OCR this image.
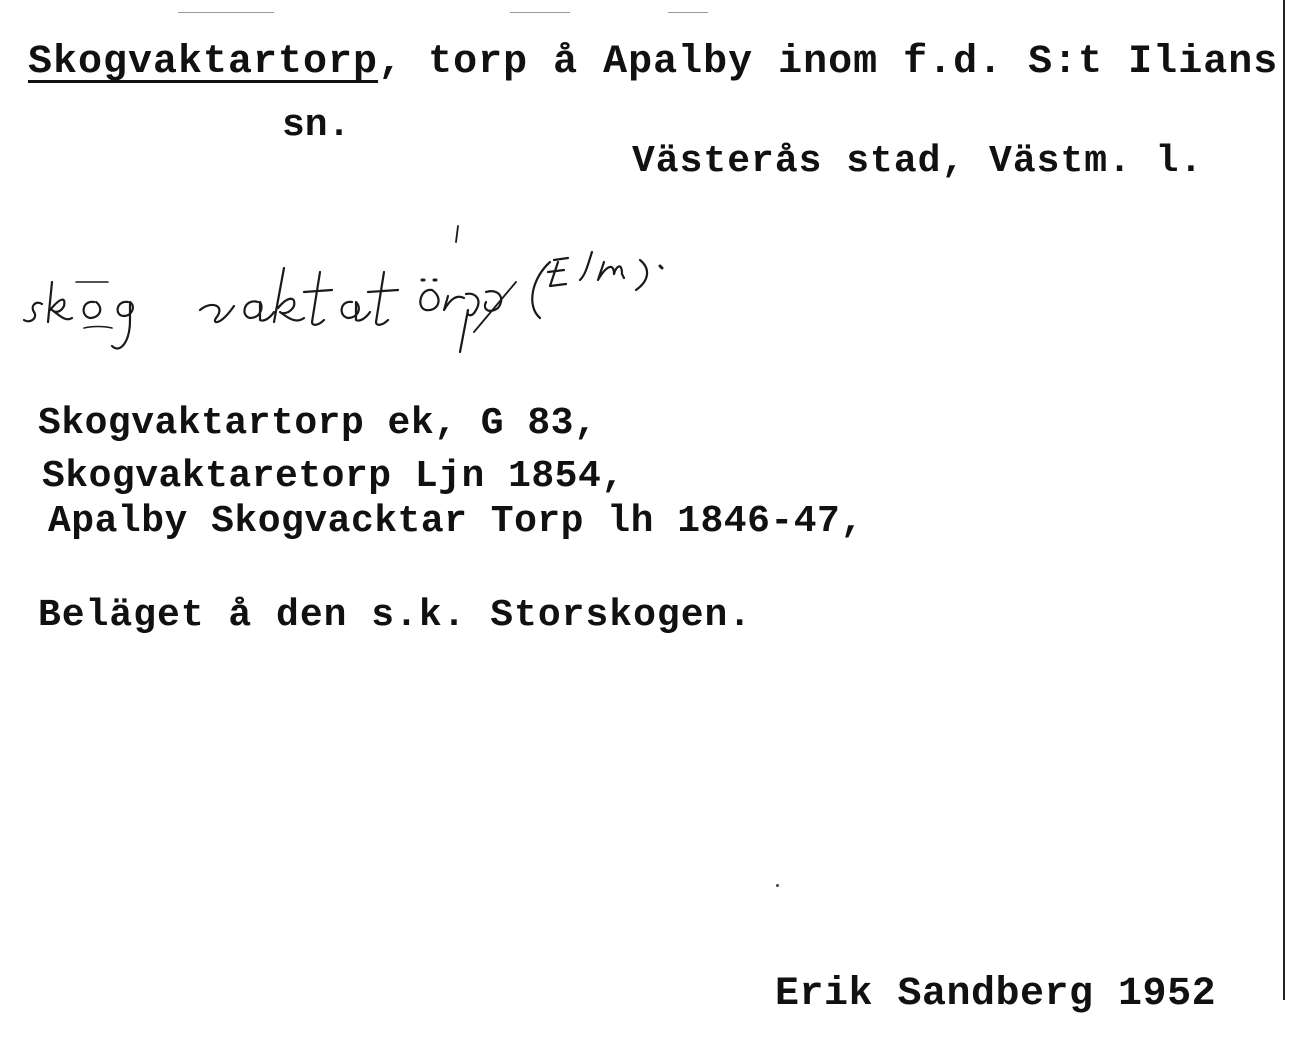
Skogvaktartorp, torp å Apalby inom f.d. S:t Ilians
sn.
Västerås stad, Västm. l.
Skogvaktartorp ek, G 83,
Skogvaktaretorp Ljn 1854,
Apalby Skogvacktar Torp lh 1846-47,
Beläget å den s.k. Storskogen.
Erik Sandberg 1952
